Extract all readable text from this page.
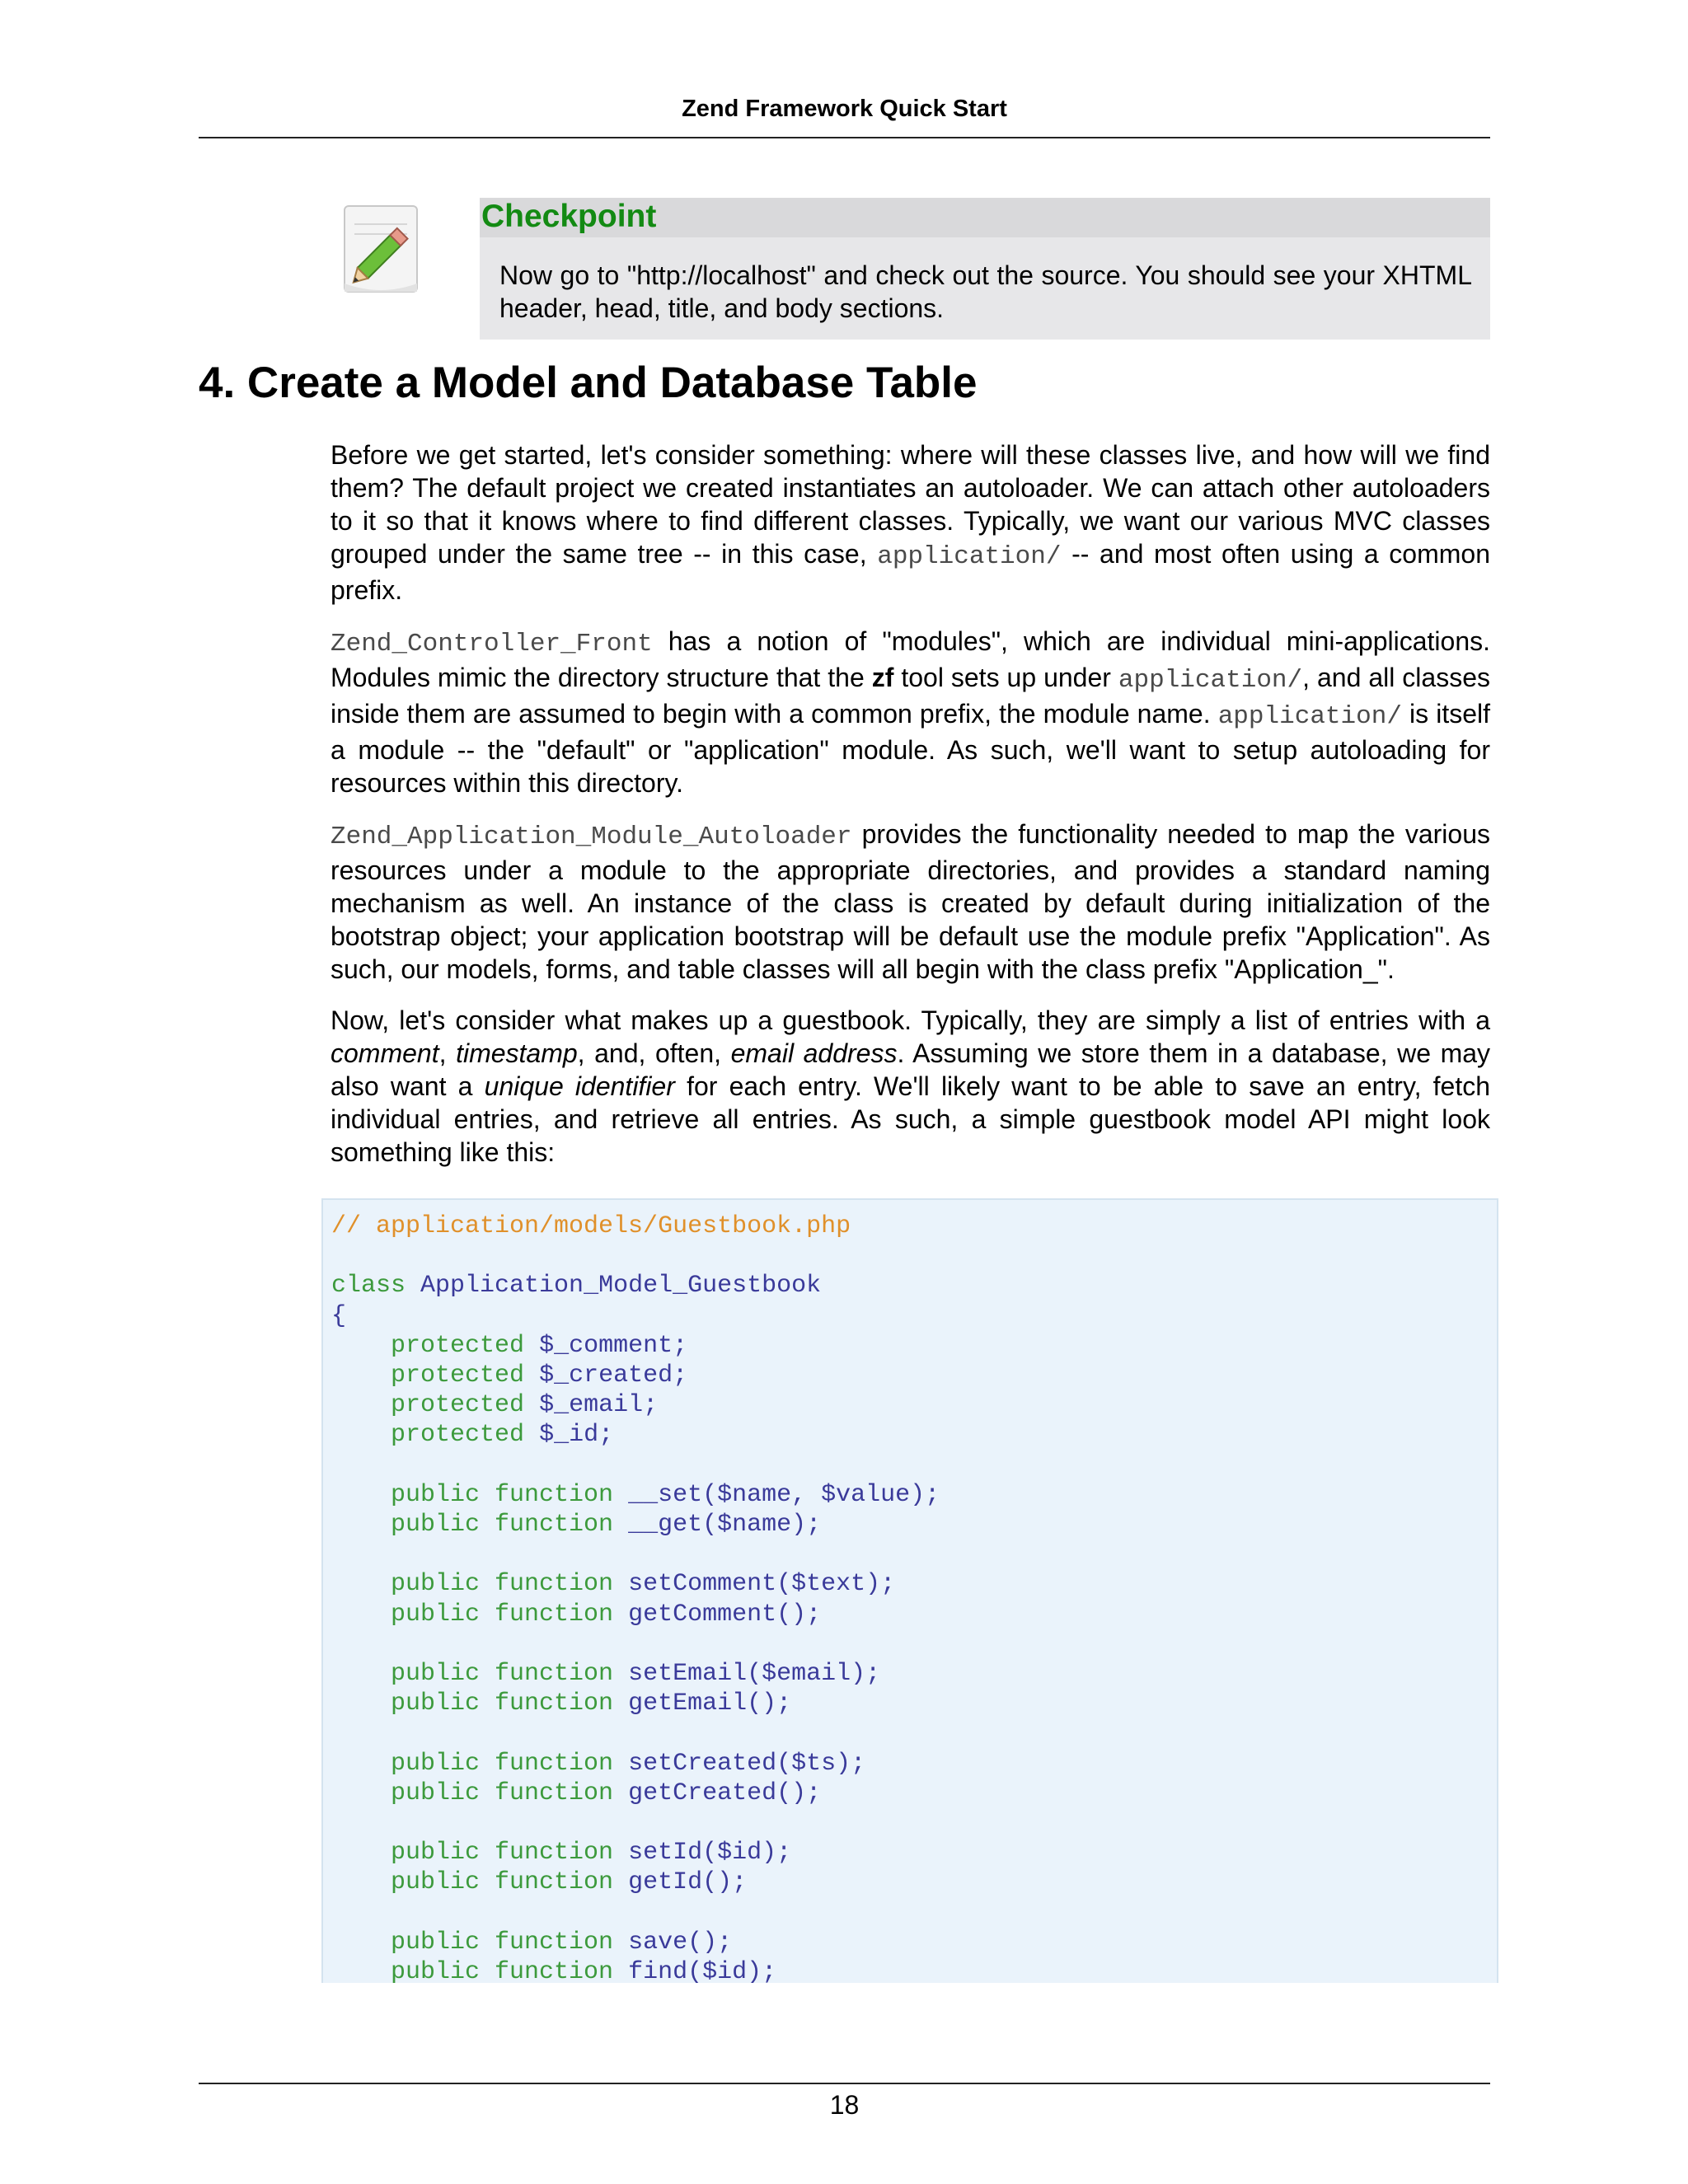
Zend Framework Quick Start
Checkpoint
Now go to "http://localhost" and check out the source. You should see your XHTML header, head, title, and body sections.
4. Create a Model and Database Table

Before we get started, let's consider something: where will these classes live, and how will we find them? The default project we created instantiates an autoloader. We can attach other autoloaders to it so that it knows where to find different classes. Typically, we want our various MVC classes grouped under the same tree -- in this case, application/ -- and most often using a common prefix.

Zend_Controller_Front has a notion of "modules", which are individual mini-applications. Modules mimic the directory structure that the zf tool sets up under application/, and all classes inside them are assumed to begin with a common prefix, the module name. application/ is itself a module -- the "default" or "application" module. As such, we'll want to setup autoloading for resources within this directory.

Zend_Application_Module_Autoloader provides the functionality needed to map the various resources under a module to the appropriate directories, and provides a standard naming mechanism as well. An instance of the class is created by default during initialization of the bootstrap object; your application bootstrap will be default use the module prefix "Application". As such, our models, forms, and table classes will all begin with the class prefix "Application_".

Now, let's consider what makes up a guestbook. Typically, they are simply a list of entries with a comment, timestamp, and, often, email address. Assuming we store them in a database, we may also want a unique identifier for each entry. We'll likely want to be able to save an entry, fetch individual entries, and retrieve all entries. As such, a simple guestbook model API might look something like this:

// application/models/Guestbook.php

class Application_Model_Guestbook
{
protected $_comment;
protected $_created;
protected $_email;
protected $_id;

public function __set($name, $value);
public function __get($name);

public function setComment($text);
public function getComment();

public function setEmail($email);
public function getEmail();

public function setCreated($ts);
public function getCreated();

public function setId($id);
public function getId();

public function save();
public function find($id);

18
